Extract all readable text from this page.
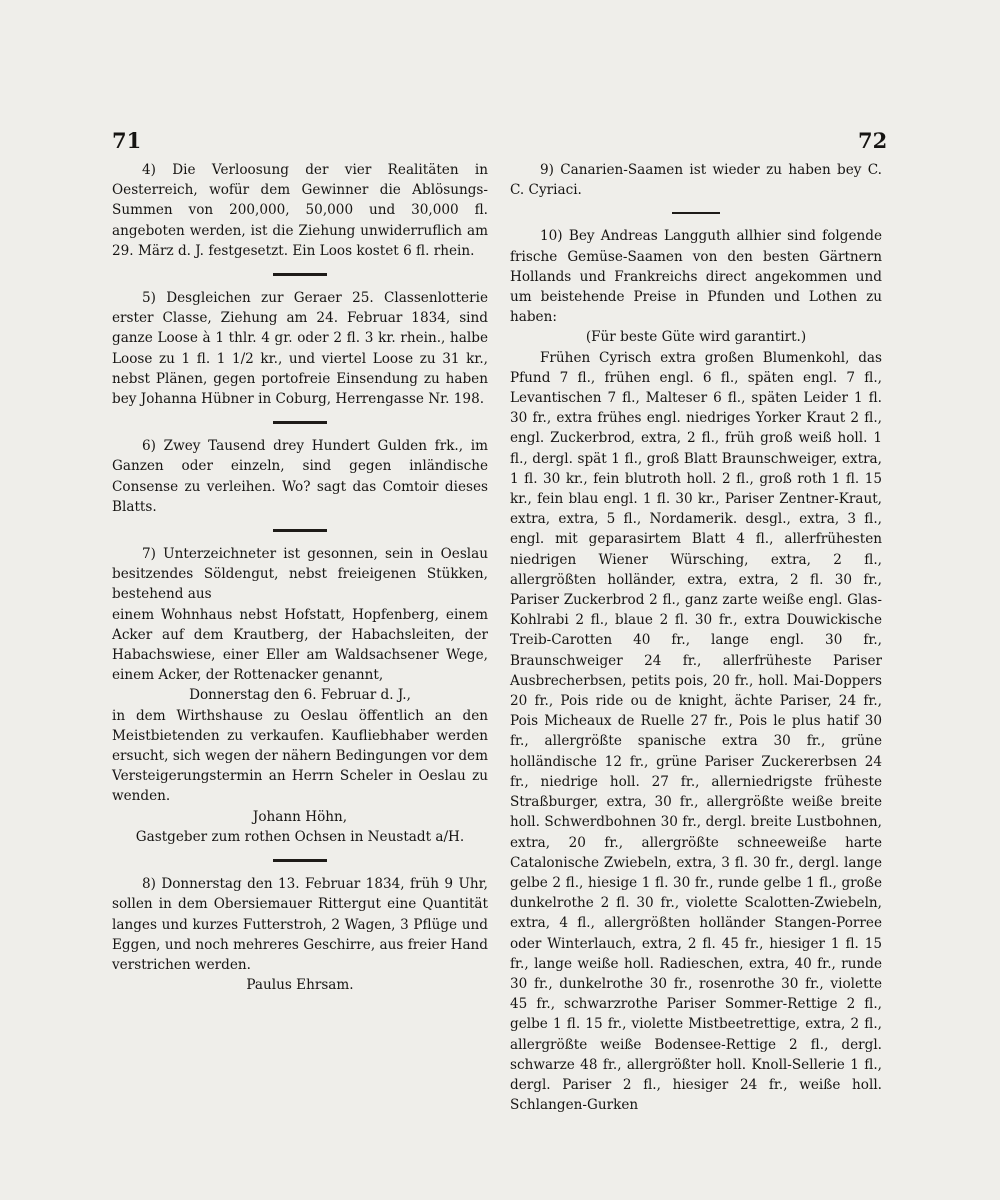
71	72

4) Die Verloosung der vier Realitäten in Oesterreich, wofür dem Gewinner die Ablösungs-Summen von 200,000, 50,000 und 30,000 fl. angeboten werden, ist die Ziehung unwiderruflich am 29. März d. J. festgesetzt. Ein Loos kostet 6 fl. rhein.

5) Desgleichen zur Geraer 25. Classenlotterie erster Classe, Ziehung am 24. Februar 1834, sind ganze Loose à 1 thlr. 4 gr. oder 2 fl. 3 kr. rhein., halbe Loose zu 1 fl. 1 1/2 kr., und viertel Loose zu 31 kr., nebst Plänen, gegen portofreie Einsendung zu haben bey Johanna Hübner in Coburg, Herrengasse Nr. 198.

6) Zwey Tausend drey Hundert Gulden frk., im Ganzen oder einzeln, sind gegen inländische Consense zu verleihen. Wo? sagt das Comtoir dieses Blatts.

7) Unterzeichneter ist gesonnen, sein in Oeslau besitzendes Söldengut, nebst freieigenen Stükken, bestehend aus

einem Wohnhaus nebst Hofstatt, Hopfenberg, einem Acker auf dem Krautberg, der Habachsleiten, der Habachswiese, einer Eller am Waldsachsener Wege, einem Acker, der Rottenacker genannt,

Donnerstag den 6. Februar d. J.,

in dem Wirthshause zu Oeslau öffentlich an den Meistbietenden zu verkaufen. Kaufliebhaber werden ersucht, sich wegen der nähern Bedingungen vor dem Versteigerungstermin an Herrn Scheler in Oeslau zu wenden.

Johann Höhn,

Gastgeber zum rothen Ochsen in Neustadt a/H.

8) Donnerstag den 13. Februar 1834, früh 9 Uhr, sollen in dem Obersiemauer Rittergut eine Quantität langes und kurzes Futterstroh, 2 Wagen, 3 Pflüge und Eggen, und noch mehreres Geschirre, aus freier Hand verstrichen werden.

Paulus Ehrsam.

9) Canarien-Saamen ist wieder zu haben bey C. C. Cyriaci.

10) Bey Andreas Langguth allhier sind folgende frische Gemüse-Saamen von den besten Gärtnern Hollands und Frankreichs direct angekommen und um beistehende Preise in Pfunden und Lothen zu haben:

(Für beste Güte wird garantirt.)

Frühen Cyrisch extra großen Blumenkohl, das Pfund 7 fl., frühen engl. 6 fl., späten engl. 7 fl., Levantischen 7 fl., Malteser 6 fl., späten Leider 1 fl. 30 fr., extra frühes engl. niedriges Yorker Kraut 2 fl., engl. Zuckerbrod, extra, 2 fl., früh groß weiß holl. 1 fl., dergl. spät 1 fl., groß Blatt Braunschweiger, extra, 1 fl. 30 kr., fein blutroth holl. 2 fl., groß roth 1 fl. 15 kr., fein blau engl. 1 fl. 30 kr., Pariser Zentner-Kraut, extra, extra, 5 fl., Nordamerik. desgl., extra, 3 fl., engl. mit geparasirtem Blatt 4 fl., allerfrühesten niedrigen Wiener Würsching, extra, 2 fl., allergrößten holländer, extra, extra, 2 fl. 30 fr., Pariser Zuckerbrod 2 fl., ganz zarte weiße engl. Glas-Kohlrabi 2 fl., blaue 2 fl. 30 fr., extra Douwickische Treib-Carotten 40 fr., lange engl. 30 fr., Braunschweiger 24 fr., allerfrüheste Pariser Ausbrecherbsen, petits pois, 20 fr., holl. Mai-Doppers 20 fr., Pois ride ou de knight, ächte Pariser, 24 fr., Pois Micheaux de Ruelle 27 fr., Pois le plus hatif 30 fr., allergrößte spanische extra 30 fr., grüne holländische 12 fr., grüne Pariser Zuckererbsen 24 fr., niedrige holl. 27 fr., allerniedrigste früheste Straßburger, extra, 30 fr., allergrößte weiße breite holl. Schwerdbohnen 30 fr., dergl. breite Lustbohnen, extra, 20 fr., allergrößte schneeweiße harte Catalonische Zwiebeln, extra, 3 fl. 30 fr., dergl. lange gelbe 2 fl., hiesige 1 fl. 30 fr., runde gelbe 1 fl., große dunkelrothe 2 fl. 30 fr., violette Scalotten-Zwiebeln, extra, 4 fl., allergrößten holländer Stangen-Porree oder Winterlauch, extra, 2 fl. 45 fr., hiesiger 1 fl. 15 fr., lange weiße holl. Radieschen, extra, 40 fr., runde 30 fr., dunkelrothe 30 fr., rosenrothe 30 fr., violette 45 fr., schwarzrothe Pariser Sommer-Rettige 2 fl., gelbe 1 fl. 15 fr., violette Mistbeetrettige, extra, 2 fl., allergrößte weiße Bodensee-Rettige 2 fl., dergl. schwarze 48 fr., allergrößter holl. Knoll-Sellerie 1 fl., dergl. Pariser 2 fl., hiesiger 24 fr., weiße holl. Schlangen-Gurken
